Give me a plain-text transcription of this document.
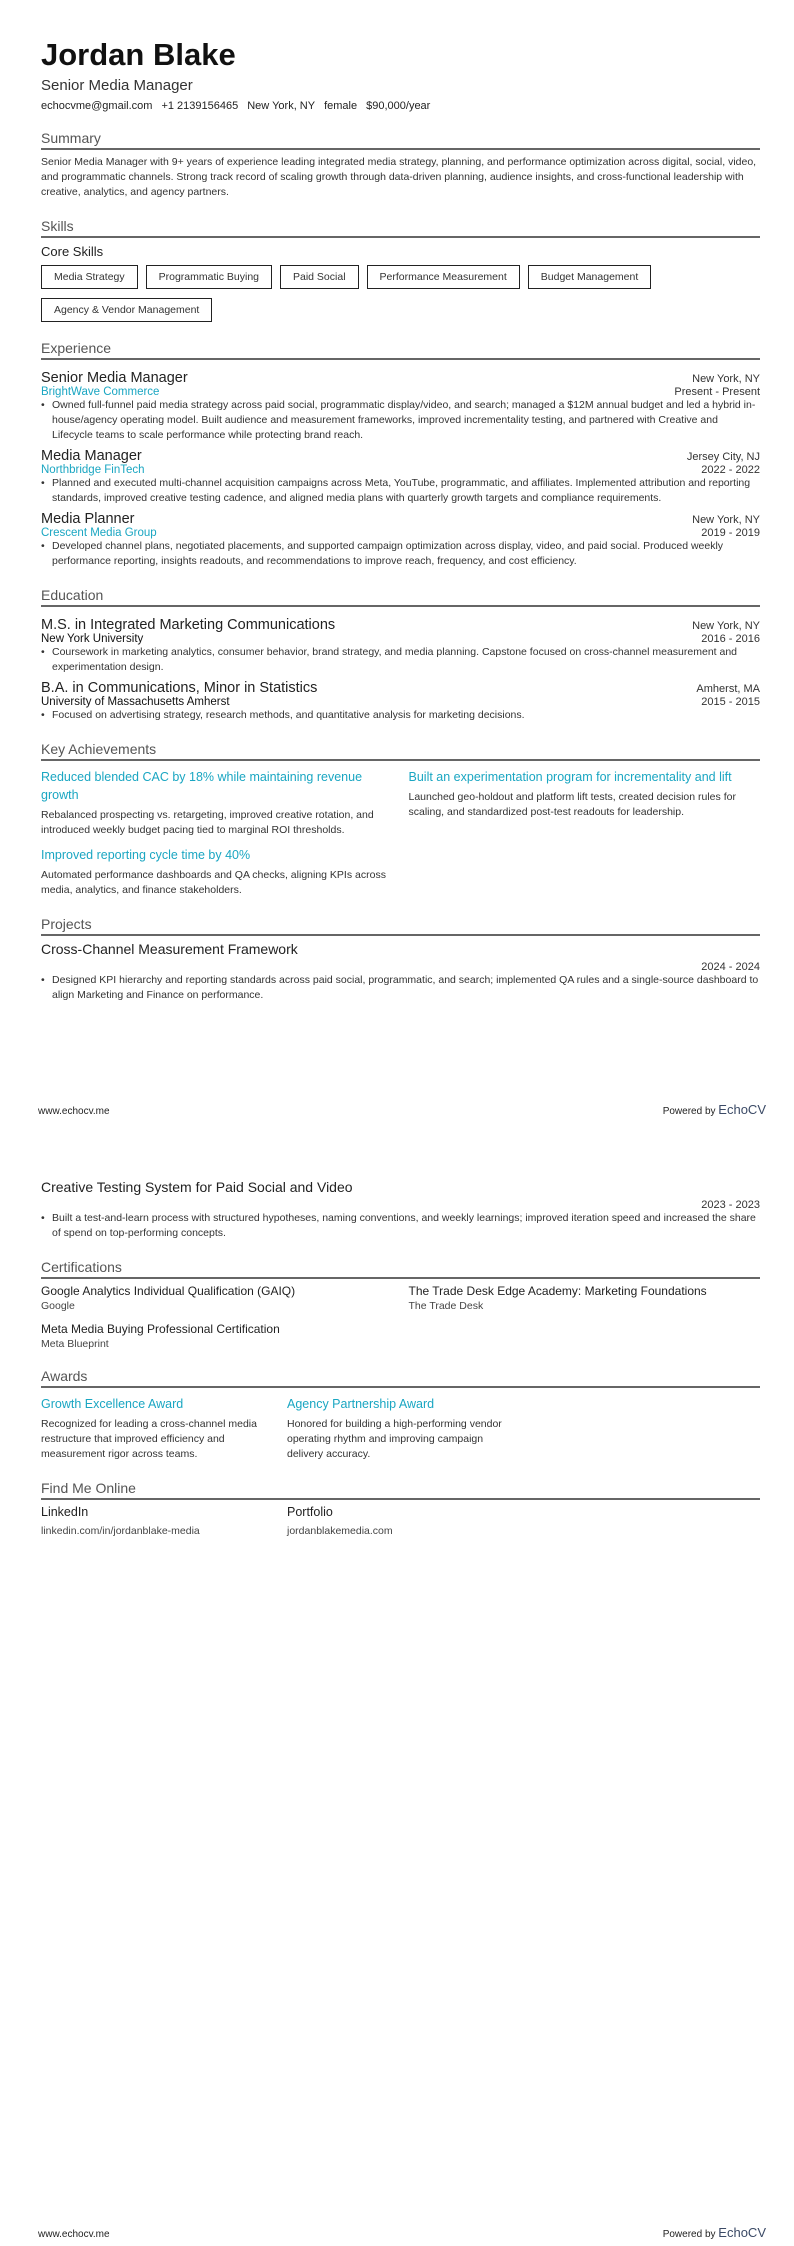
Jordan Blake
Senior Media Manager
echocvme@gmail.com +1 2139156465 New York, NY female $90,000/year
Summary
Senior Media Manager with 9+ years of experience leading integrated media strategy, planning, and performance optimization across digital, social, video, and programmatic channels. Strong track record of scaling growth through data-driven planning, audience insights, and cross-functional leadership with creative, analytics, and agency partners.
Skills
Core Skills
Media Strategy	Programmatic Buying	Paid Social	Performance Measurement	Budget Management
Agency & Vendor Management
Experience
Senior Media Manager	New York, NY
BrightWave Commerce	Present - Present
• Owned full-funnel paid media strategy across paid social, programmatic display/video, and search; managed a $12M annual budget and led a hybrid in-house/agency operating model. Built audience and measurement frameworks, improved incrementality testing, and partnered with Creative and Lifecycle teams to scale performance while protecting brand reach.
Media Manager	Jersey City, NJ
Northbridge FinTech	2022 - 2022
• Planned and executed multi-channel acquisition campaigns across Meta, YouTube, programmatic, and affiliates. Implemented attribution and reporting standards, improved creative testing cadence, and aligned media plans with quarterly growth targets and compliance requirements.
Media Planner	New York, NY
Crescent Media Group	2019 - 2019
• Developed channel plans, negotiated placements, and supported campaign optimization across display, video, and paid social. Produced weekly performance reporting, insights readouts, and recommendations to improve reach, frequency, and cost efficiency.
Education
M.S. in Integrated Marketing Communications	New York, NY
New York University	2016 - 2016
• Coursework in marketing analytics, consumer behavior, brand strategy, and media planning. Capstone focused on cross-channel measurement and experimentation design.
B.A. in Communications, Minor in Statistics	Amherst, MA
University of Massachusetts Amherst	2015 - 2015
• Focused on advertising strategy, research methods, and quantitative analysis for marketing decisions.
Key Achievements
Reduced blended CAC by 18% while maintaining revenue growth
Rebalanced prospecting vs. retargeting, improved creative rotation, and introduced weekly budget pacing tied to marginal ROI thresholds.
Built an experimentation program for incrementality and lift
Launched geo-holdout and platform lift tests, created decision rules for scaling, and standardized post-test readouts for leadership.
Improved reporting cycle time by 40%
Automated performance dashboards and QA checks, aligning KPIs across media, analytics, and finance stakeholders.
Projects
Cross-Channel Measurement Framework
2024 - 2024
• Designed KPI hierarchy and reporting standards across paid social, programmatic, and search; implemented QA rules and a single-source dashboard to align Marketing and Finance on performance.
www.echocv.me	Powered by EchoCV
Creative Testing System for Paid Social and Video
2023 - 2023
• Built a test-and-learn process with structured hypotheses, naming conventions, and weekly learnings; improved iteration speed and increased the share of spend on top-performing concepts.
Certifications
Google Analytics Individual Qualification (GAIQ)
Google
The Trade Desk Edge Academy: Marketing Foundations
The Trade Desk
Meta Media Buying Professional Certification
Meta Blueprint
Awards
Growth Excellence Award
Recognized for leading a cross-channel media restructure that improved efficiency and measurement rigor across teams.
Agency Partnership Award
Honored for building a high-performing vendor operating rhythm and improving campaign delivery accuracy.
Find Me Online
LinkedIn
linkedin.com/in/jordanblake-media
Portfolio
jordanblakemedia.com
www.echocv.me	Powered by EchoCV
